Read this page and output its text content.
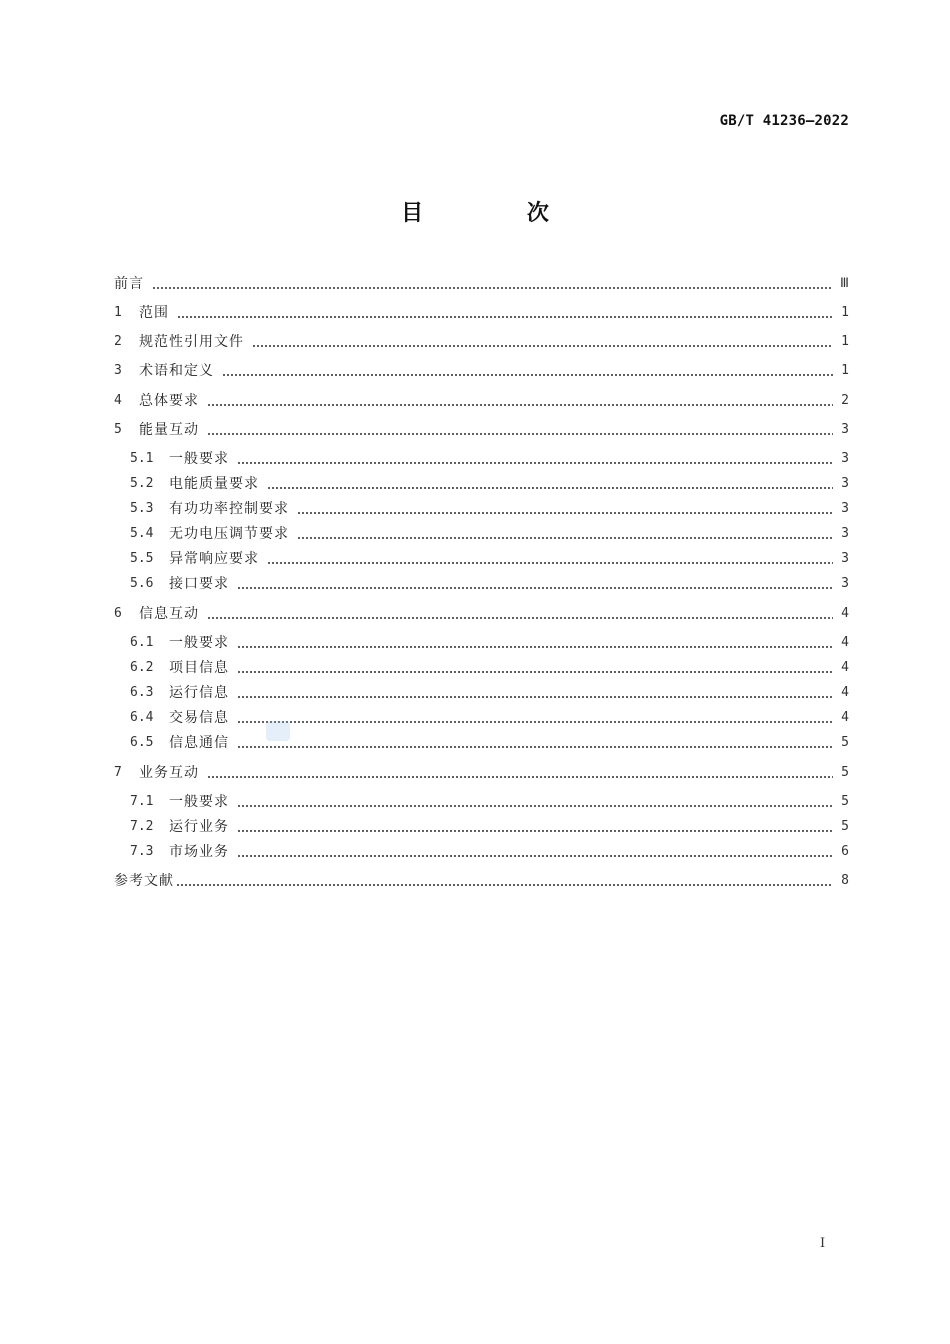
GB/T 41236—2022
目 次
前言	Ⅲ
1	范围	1
2	规范性引用文件	1
3	术语和定义	1
4	总体要求	2
5	能量互动	3
5.1	一般要求	3
5.2	电能质量要求	3
5.3	有功功率控制要求	3
5.4	无功电压调节要求	3
5.5	异常响应要求	3
5.6	接口要求	3
6	信息互动	4
6.1	一般要求	4
6.2	项目信息	4
6.3	运行信息	4
6.4	交易信息	4
6.5	信息通信	5
7	业务互动	5
7.1	一般要求	5
7.2	运行业务	5
7.3	市场业务	6
参考文献	8
Ⅰ
